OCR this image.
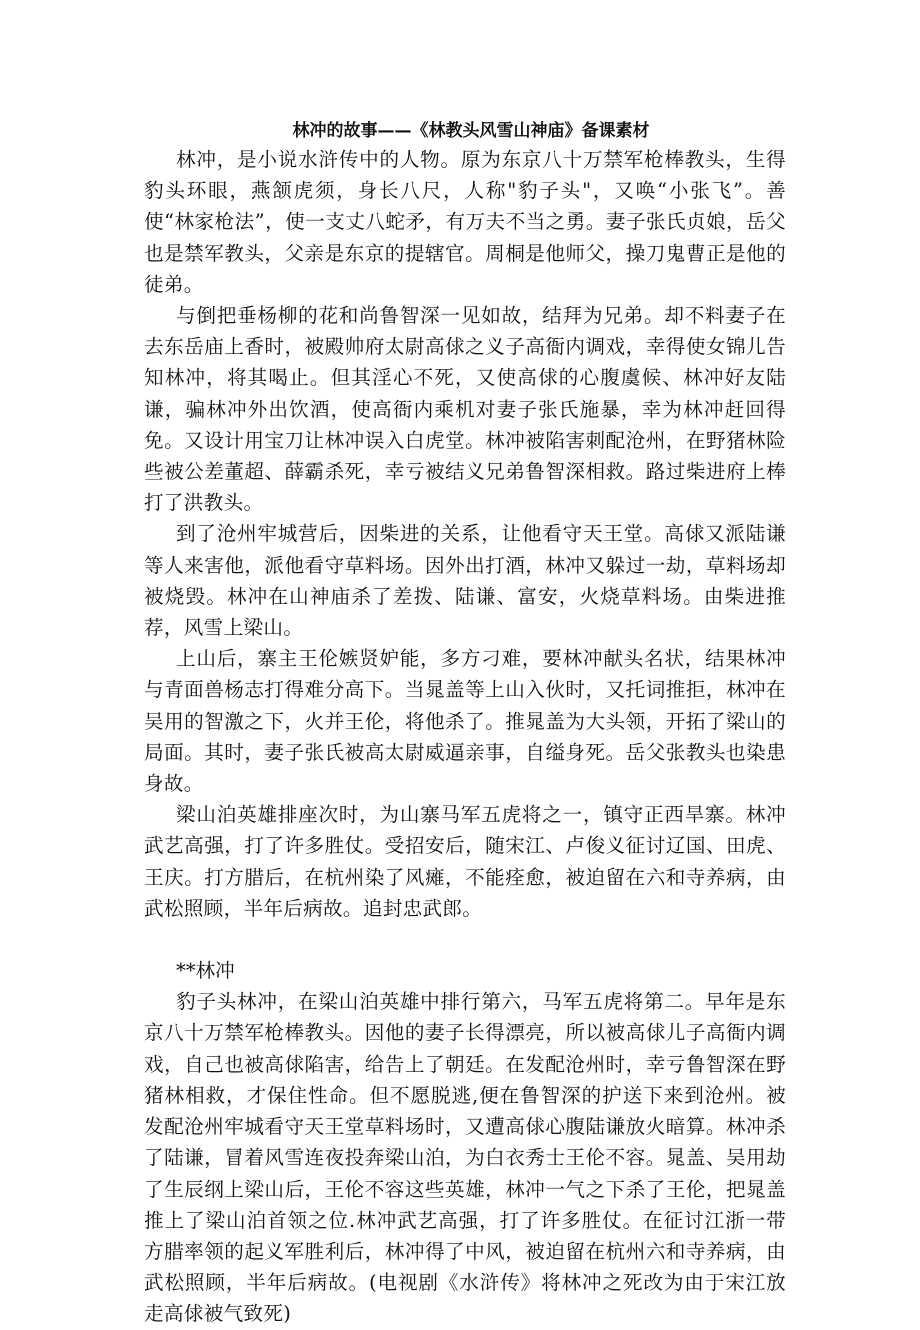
林冲的故事——《林教头风雪山神庙》备课素材

林冲，是小说水浒传中的人物。原为东京八十万禁军枪棒教头，生得豹头环眼，燕颔虎须，身长八尺，人称"豹子头"，又唤“小张飞”。善使“林家枪法”，使一支丈八蛇矛，有万夫不当之勇。妻子张氏贞娘，岳父也是禁军教头，父亲是东京的提辖官。周桐是他师父，操刀鬼曹正是他的徒弟。

与倒把垂杨柳的花和尚鲁智深一见如故，结拜为兄弟。却不料妻子在去东岳庙上香时，被殿帅府太尉高俅之义子高衙内调戏，幸得使女锦儿告知林冲，将其喝止。但其淫心不死，又使高俅的心腹虞候、林冲好友陆谦，骗林冲外出饮酒，使高衙内乘机对妻子张氏施暴，幸为林冲赶回得免。又设计用宝刀让林冲误入白虎堂。林冲被陷害刺配沧州，在野猪林险些被公差董超、薛霸杀死，幸亏被结义兄弟鲁智深相救。路过柴进府上棒打了洪教头。

到了沧州牢城营后，因柴进的关系，让他看守天王堂。高俅又派陆谦等人来害他，派他看守草料场。因外出打酒，林冲又躲过一劫，草料场却被烧毁。林冲在山神庙杀了差拨、陆谦、富安，火烧草料场。由柴进推荐，风雪上梁山。

上山后，寨主王伦嫉贤妒能，多方刁难，要林冲献头名状，结果林冲与青面兽杨志打得难分高下。当晁盖等上山入伙时，又托词推拒，林冲在吴用的智激之下，火并王伦，将他杀了。推晁盖为大头领，开拓了梁山的局面。其时，妻子张氏被高太尉威逼亲事，自缢身死。岳父张教头也染患身故。

梁山泊英雄排座次时，为山寨马军五虎将之一，镇守正西旱寨。林冲武艺高强，打了许多胜仗。受招安后，随宋江、卢俊义征讨辽国、田虎、王庆。打方腊后，在杭州染了风瘫，不能痊愈，被迫留在六和寺养病，由武松照顾，半年后病故。追封忠武郎。

**林冲

豹子头林冲，在梁山泊英雄中排行第六，马军五虎将第二。早年是东京八十万禁军枪棒教头。因他的妻子长得漂亮，所以被高俅儿子高衙内调戏，自己也被高俅陷害，给告上了朝廷。在发配沧州时，幸亏鲁智深在野猪林相救，才保住性命。但不愿脱逃,便在鲁智深的护送下来到沧州。被发配沧州牢城看守天王堂草料场时，又遭高俅心腹陆谦放火暗算。林冲杀了陆谦，冒着风雪连夜投奔梁山泊，为白衣秀士王伦不容。晁盖、吴用劫了生辰纲上梁山后，王伦不容这些英雄，林冲一气之下杀了王伦，把晁盖推上了梁山泊首领之位.林冲武艺高强，打了许多胜仗。在征讨江浙一带方腊率领的起义军胜利后，林冲得了中风，被迫留在杭州六和寺养病，由武松照顾，半年后病故。(电视剧《水浒传》将林冲之死改为由于宋江放走高俅被气致死)
